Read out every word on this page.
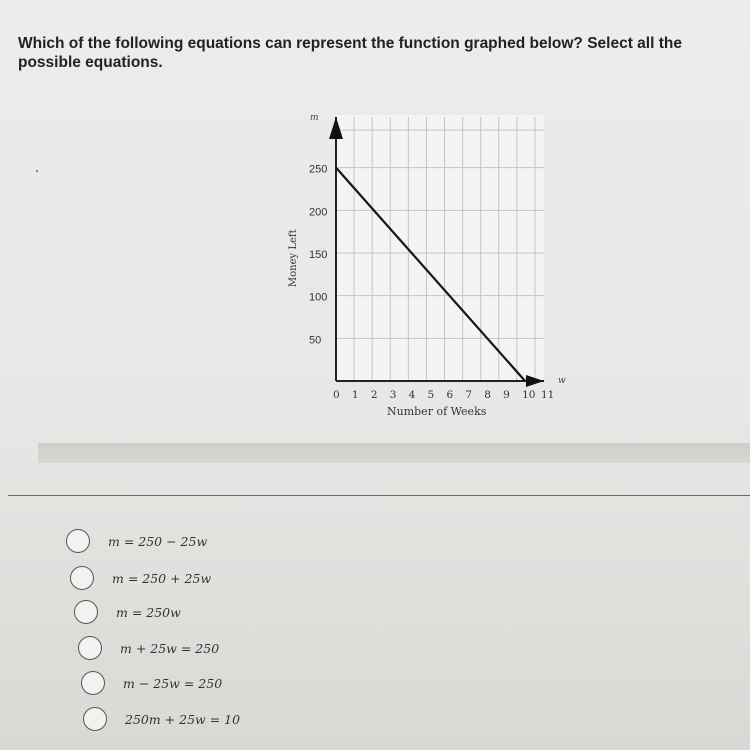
Which of the following equations can represent the function graphed below? Select all the possible equations.
50
100
150
200
250
0 1 2 3 4 5 6 7 8 9 10 11
m
w
Number of Weeks
Money Left
m = 250 − 25w
m = 250 + 25w
m = 250w
m + 25w = 250
m − 25w = 250
250m + 25w = 10
